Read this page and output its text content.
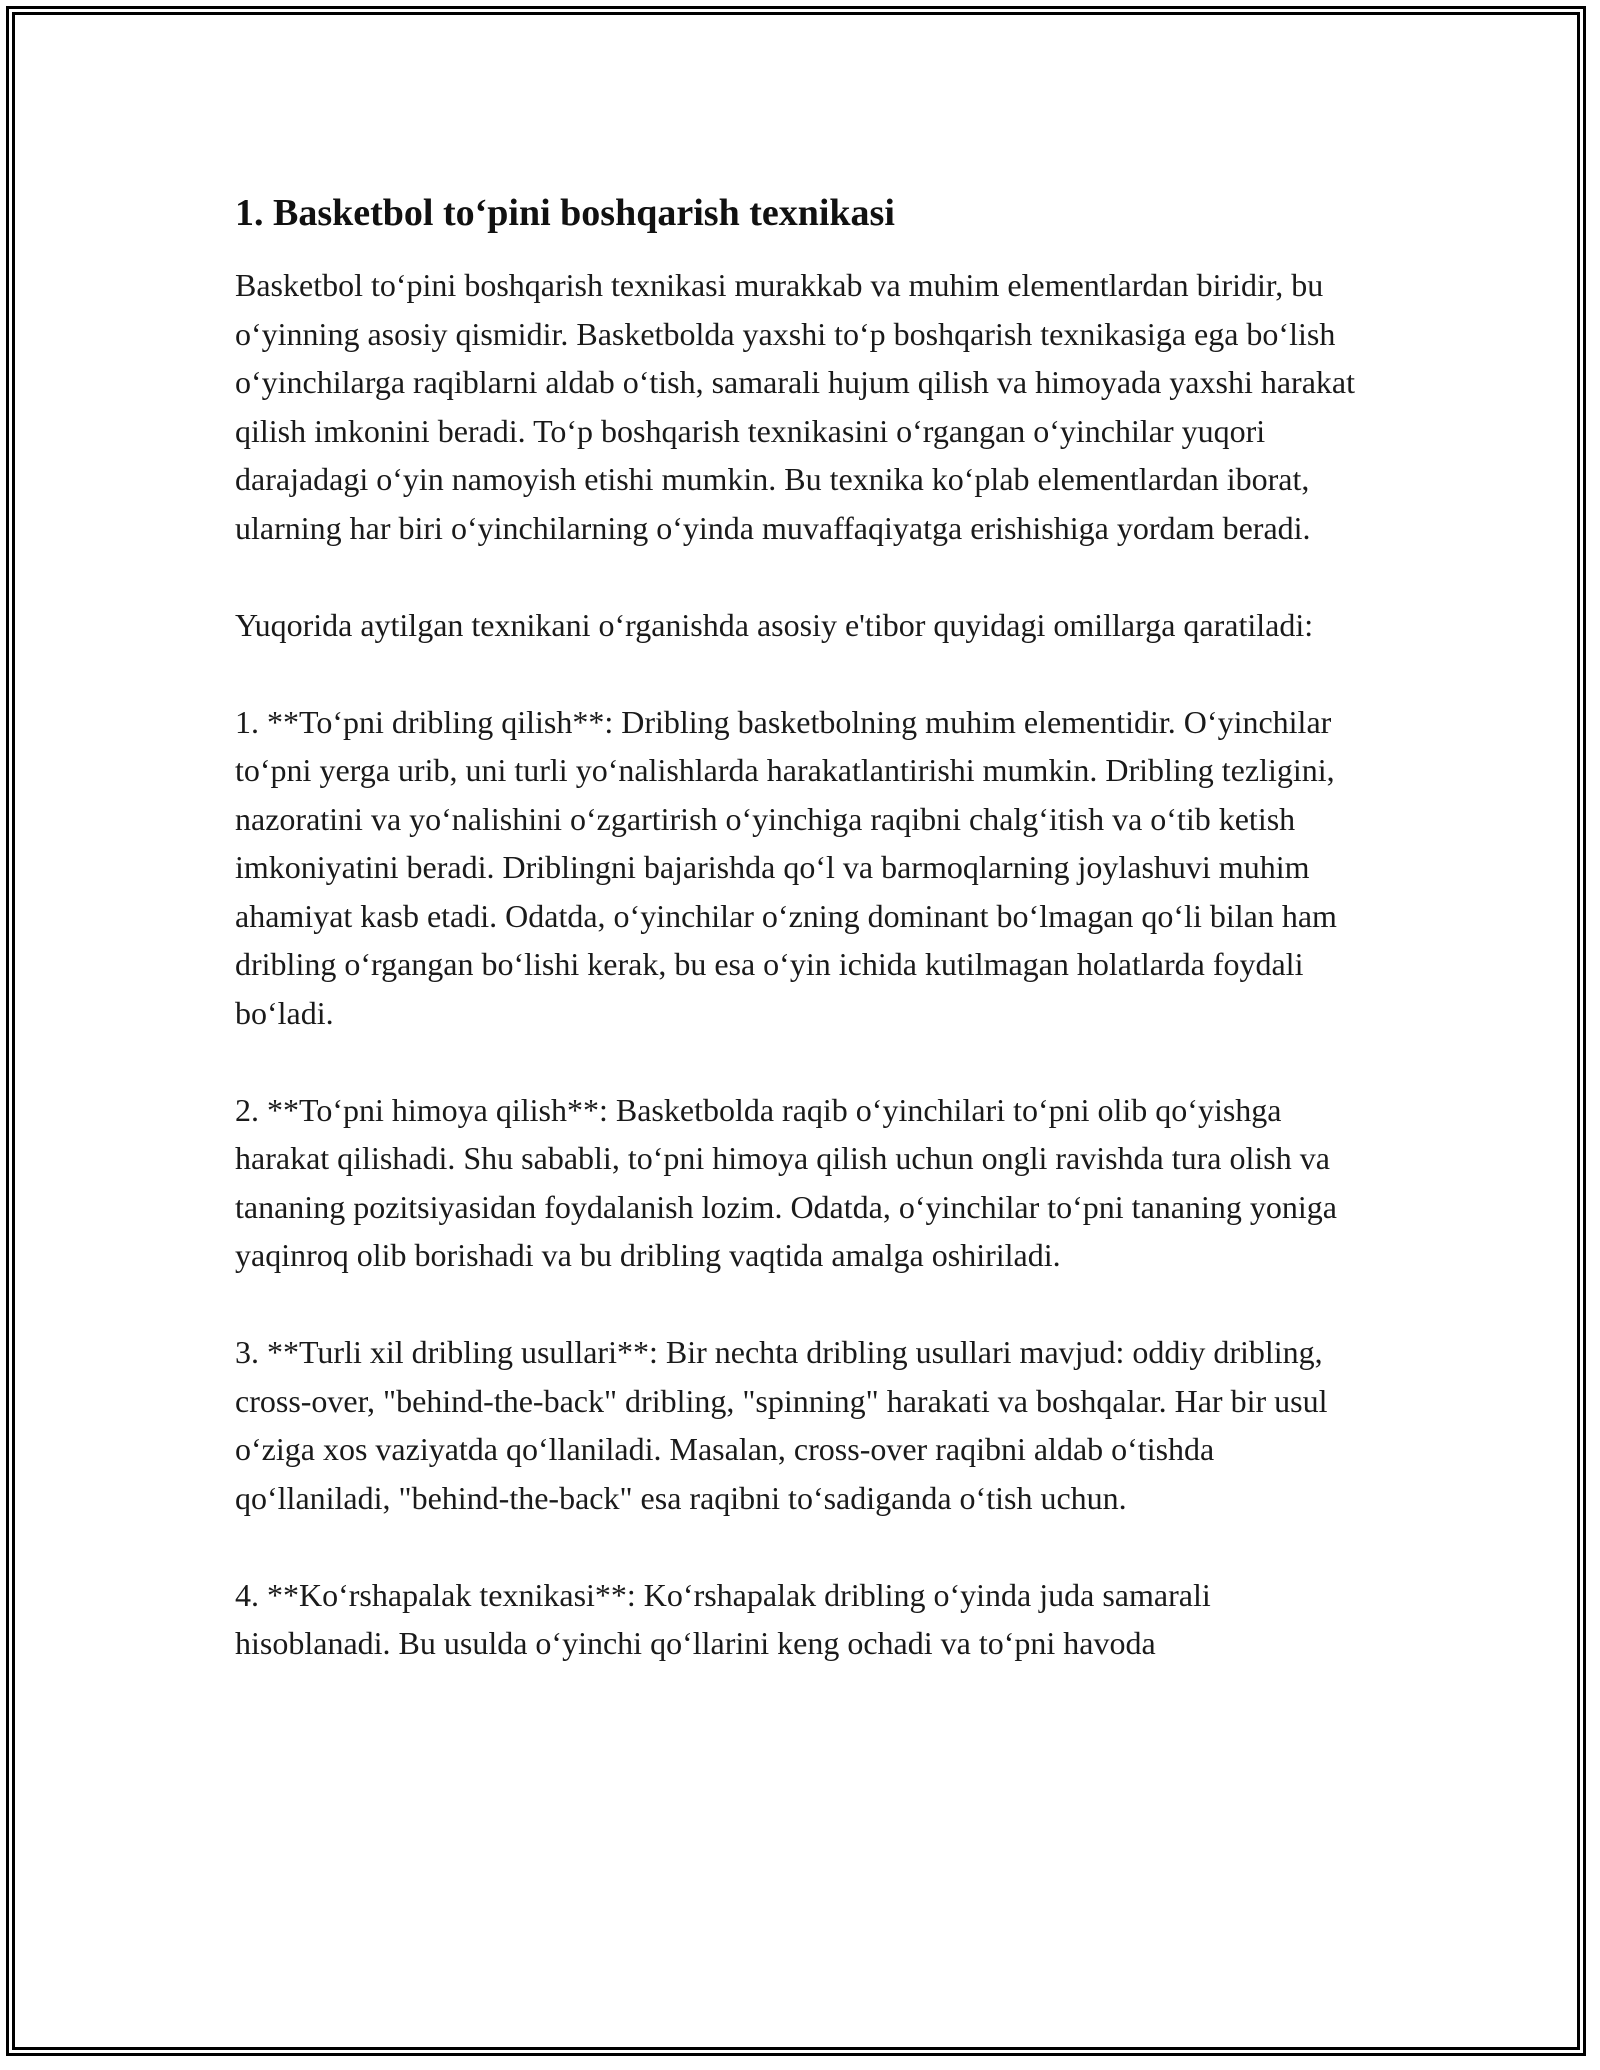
1. Basketbol to‘pini boshqarish texnikasi

Basketbol to‘pini boshqarish texnikasi murakkab va muhim elementlardan biridir, bu o‘yinning asosiy qismidir. Basketbolda yaxshi to‘p boshqarish texnikasiga ega bo‘lish o‘yinchilarga raqiblarni aldab o‘tish, samarali hujum qilish va himoyada yaxshi harakat qilish imkonini beradi. To‘p boshqarish texnikasini o‘rgangan o‘yinchilar yuqori darajadagi o‘yin namoyish etishi mumkin. Bu texnika ko‘plab elementlardan iborat, ularning har biri o‘yinchilarning o‘yinda muvaffaqiyatga erishishiga yordam beradi.

Yuqorida aytilgan texnikani o‘rganishda asosiy e'tibor quyidagi omillarga qaratiladi:

1. **To‘pni dribling qilish**: Dribling basketbolning muhim elementidir. O‘yinchilar to‘pni yerga urib, uni turli yo‘nalishlarda harakatlantirishi mumkin. Dribling tezligini, nazoratini va yo‘nalishini o‘zgartirish o‘yinchiga raqibni chalg‘itish va o‘tib ketish imkoniyatini beradi. Driblingni bajarishda qo‘l va barmoqlarning joylashuvi muhim ahamiyat kasb etadi. Odatda, o‘yinchilar o‘zning dominant bo‘lmagan qo‘li bilan ham dribling o‘rgangan bo‘lishi kerak, bu esa o‘yin ichida kutilmagan holatlarda foydali bo‘ladi.

2. **To‘pni himoya qilish**: Basketbolda raqib o‘yinchilari to‘pni olib qo‘yishga harakat qilishadi. Shu sababli, to‘pni himoya qilish uchun ongli ravishda tura olish va tananing pozitsiyasidan foydalanish lozim. Odatda, o‘yinchilar to‘pni tananing yoniga yaqinroq olib borishadi va bu dribling vaqtida amalga oshiriladi.

3. **Turli xil dribling usullari**: Bir nechta dribling usullari mavjud: oddiy dribling, cross-over, "behind-the-back" dribling, "spinning" harakati va boshqalar. Har bir usul o‘ziga xos vaziyatda qo‘llaniladi. Masalan, cross-over raqibni aldab o‘tishda qo‘llaniladi, "behind-the-back" esa raqibni to‘sadiganda o‘tish uchun.

4. **Ko‘rshapalak texnikasi**: Ko‘rshapalak dribling o‘yinda juda samarali hisoblanadi. Bu usulda o‘yinchi qo‘llarini keng ochadi va to‘pni havoda
